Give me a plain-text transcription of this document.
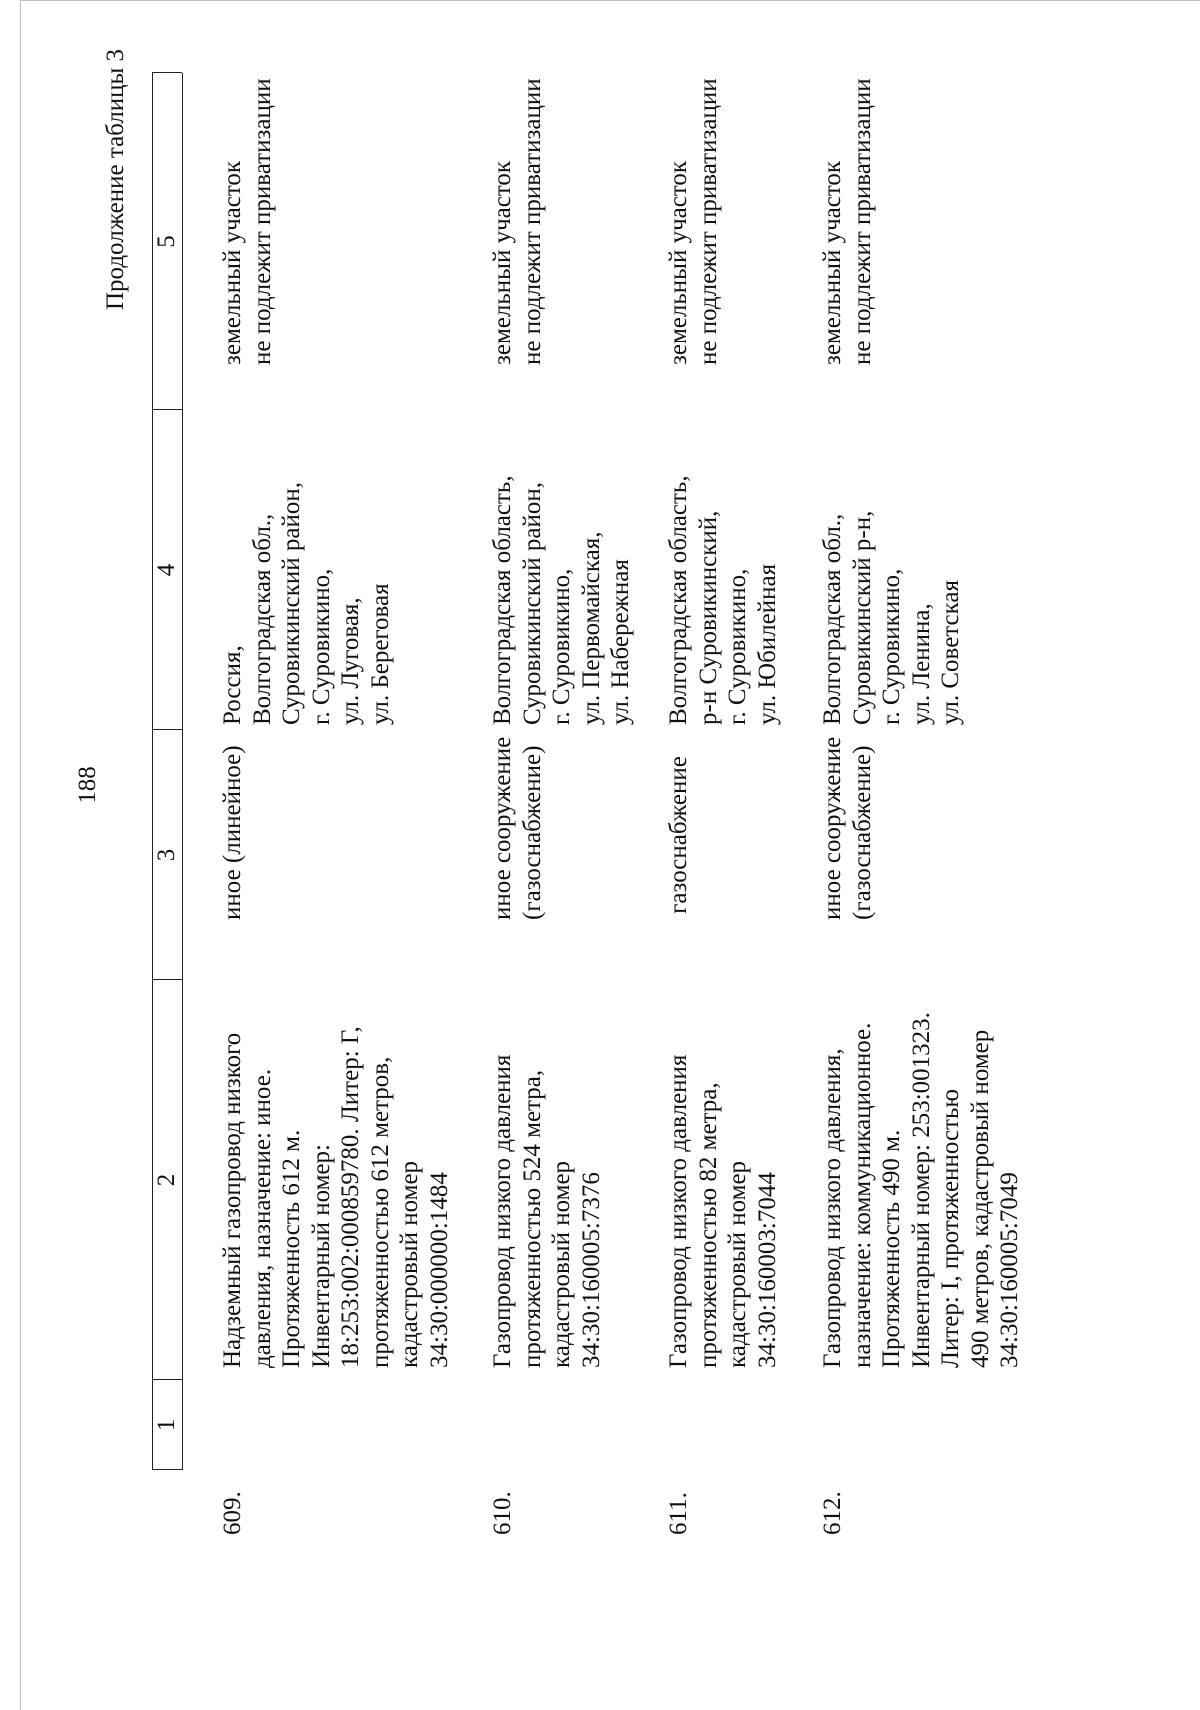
188
Продолжение таблицы 3
609.
Надземный газопровод низкого давления, назначение: иное. Протяженность 612 м. Инвентарный номер: 18:253:002:000859780. Литер: Г, протяженностью 612 метров, кадастровый номер 34:30:000000:1484
иное (линейное)
Россия, Волгоградская обл., Суровикинский район, г. Суровикино, ул. Луговая, ул. Береговая
земельный участок не подлежит приватизации
610.
Газопровод низкого давления протяженностью 524 метра, кадастровый номер 34:30:160005:7376
иное сооружение (газоснабжение)
Волгоградская область, Суровикинский район, г. Суровикино, ул. Первомайская, ул. Набережная
земельный участок не подлежит приватизации
611.
Газопровод низкого давления протяженностью 82 метра, кадастровый номер 34:30:160003:7044
газоснабжение
Волгоградская область, р-н Суровикинский, г. Суровикино, ул. Юбилейная
земельный участок не подлежит приватизации
612.
Газопровод низкого давления, назначение: коммуникационное. Протяженность 490 м. Инвентарный номер: 253:001323. Литер: I, протяженностью 490 метров, кадастровый номер 34:30:160005:7049
иное сооружение (газоснабжение)
Волгоградская обл., Суровикинский р-н, г. Суровикино, ул. Ленина, ул. Советская
земельный участок не подлежит приватизации
1
2
3
4
5
